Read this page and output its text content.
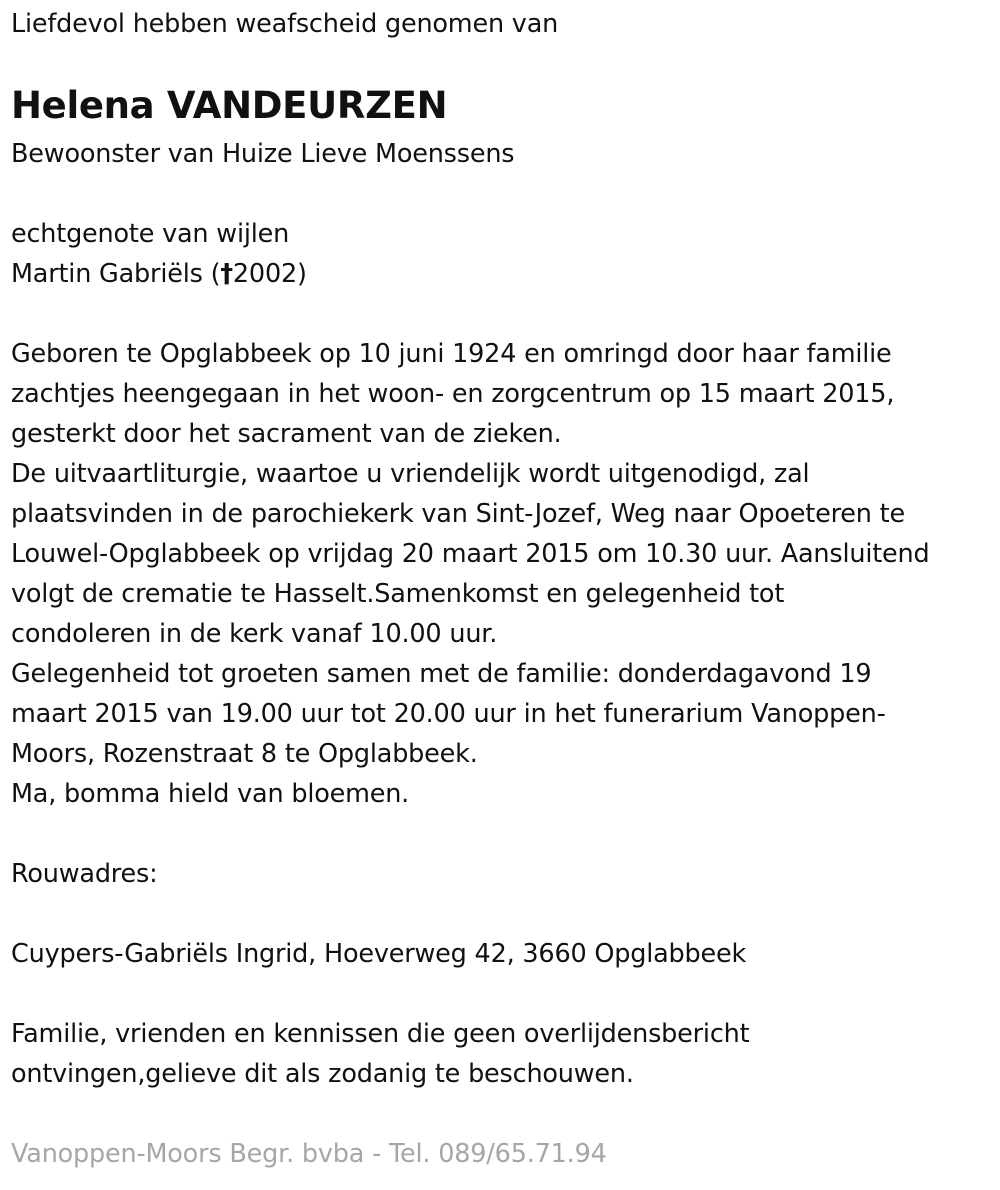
Liefdevol hebben weafscheid genomen van
Helena VANDEURZEN
Bewoonster van Huize Lieve Moenssens
echtgenote van wijlen
Martin Gabriëls (†2002)
Geboren te Opglabbeek op 10 juni 1924 en omringd door haar familie
zachtjes heengegaan in het woon- en zorgcentrum op 15 maart 2015,
gesterkt door het sacrament van de zieken.
De uitvaartliturgie, waartoe u vriendelijk wordt uitgenodigd, zal
plaatsvinden in de parochiekerk van Sint-Jozef, Weg naar Opoeteren te
Louwel-Opglabbeek op vrijdag 20 maart 2015 om 10.30 uur. Aansluitend
volgt de crematie te Hasselt.Samenkomst en gelegenheid tot
condoleren in de kerk vanaf 10.00 uur.
Gelegenheid tot groeten samen met de familie: donderdagavond 19
maart 2015 van 19.00 uur tot 20.00 uur in het funerarium Vanoppen-
Moors, Rozenstraat 8 te Opglabbeek.
Ma, bomma hield van bloemen.
Rouwadres:
Cuypers-Gabriëls Ingrid, Hoeverweg 42, 3660 Opglabbeek
Familie, vrienden en kennissen die geen overlijdensbericht
ontvingen,gelieve dit als zodanig te beschouwen.
Vanoppen-Moors Begr. bvba - Tel. 089/65.71.94
